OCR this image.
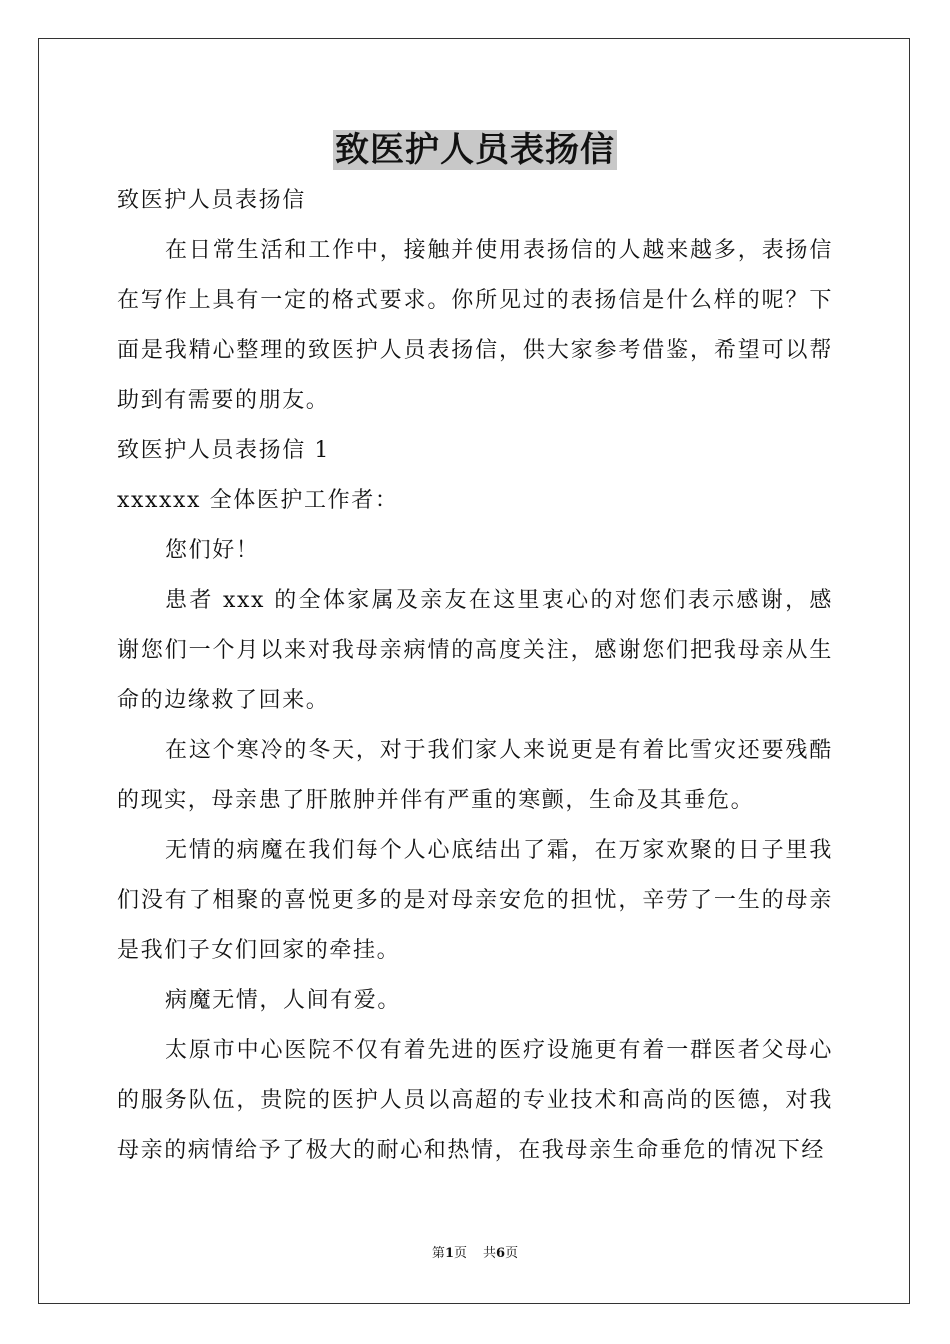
致医护人员表扬信

致医护人员表扬信

在日常生活和工作中，接触并使用表扬信的人越来越多，表扬信在写作上具有一定的格式要求。你所见过的表扬信是什么样的呢？下面是我精心整理的致医护人员表扬信，供大家参考借鉴，希望可以帮助到有需要的朋友。

致医护人员表扬信 1

xxxxxx 全体医护工作者：

您们好！

患者 xxx 的全体家属及亲友在这里衷心的对您们表示感谢，感谢您们一个月以来对我母亲病情的高度关注，感谢您们把我母亲从生命的边缘救了回来。

在这个寒冷的冬天，对于我们家人来说更是有着比雪灾还要残酷的现实，母亲患了肝脓肿并伴有严重的寒颤，生命及其垂危。

无情的病魔在我们每个人心底结出了霜，在万家欢聚的日子里我们没有了相聚的喜悦更多的是对母亲安危的担忧，辛劳了一生的母亲是我们子女们回家的牵挂。

病魔无情，人间有爱。

太原市中心医院不仅有着先进的医疗设施更有着一群医者父母心的服务队伍，贵院的医护人员以高超的专业技术和高尚的医德，对我母亲的病情给予了极大的耐心和热情，在我母亲生命垂危的情况下经

第1页 共6页
